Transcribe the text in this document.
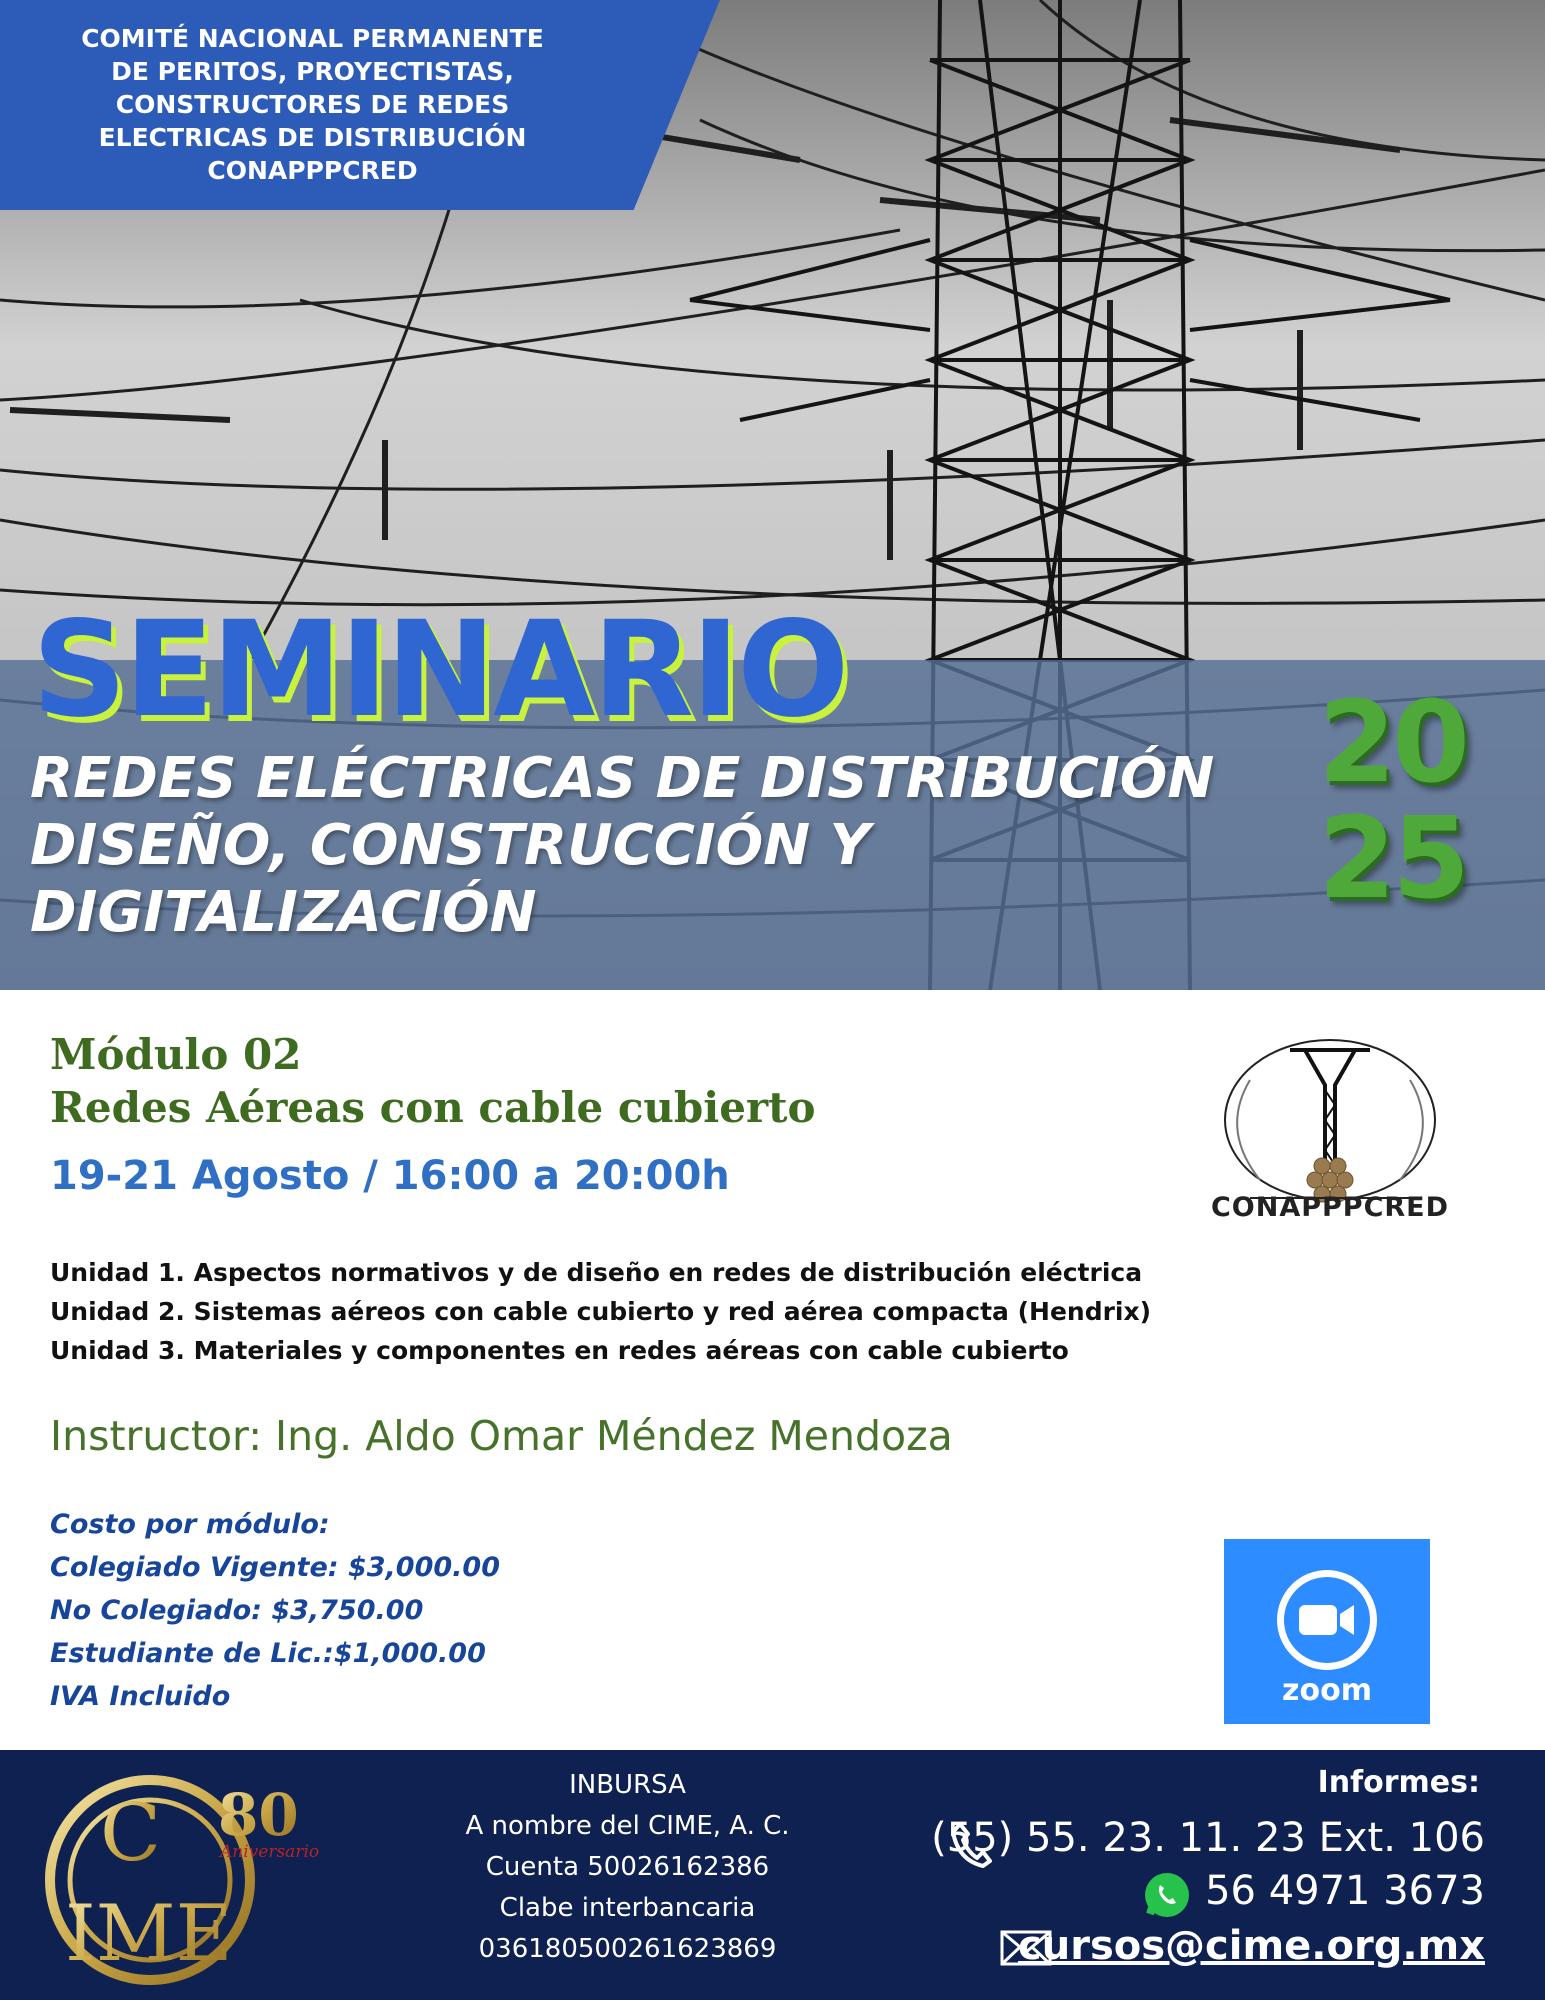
COMITÉ NACIONAL PERMANENTE
DE PERITOS, PROYECTISTAS,
CONSTRUCTORES DE REDES
ELECTRICAS DE DISTRIBUCIÓN
CONAPPPCRED
SEMINARIO
REDES ELÉCTRICAS DE DISTRIBUCIÓN
DISEÑO, CONSTRUCCIÓN Y
DIGITALIZACIÓN
20
25
Módulo 02
Redes Aéreas con cable cubierto
19-21 Agosto / 16:00 a 20:00h
Unidad 1. Aspectos normativos y de diseño en redes de distribución eléctrica
Unidad 2. Sistemas aéreos con cable cubierto y red aérea compacta (Hendrix)
Unidad 3. Materiales y componentes en redes aéreas con cable cubierto
Instructor: Ing. Aldo Omar Méndez Mendoza
Costo por módulo:
Colegiado Vigente: $3,000.00
No Colegiado: $3,750.00
Estudiante de Lic.:$1,000.00
IVA Incluido
CONAPPPCRED
zoom
C
IME
80
Aniversario
INBURSA
A nombre del CIME, A. C.
Cuenta 50026162386
Clabe interbancaria
036180500261623869
Informes:
(55) 55. 23. 11. 23 Ext. 106
56 4971 3673
cursos@cime.org.mx
